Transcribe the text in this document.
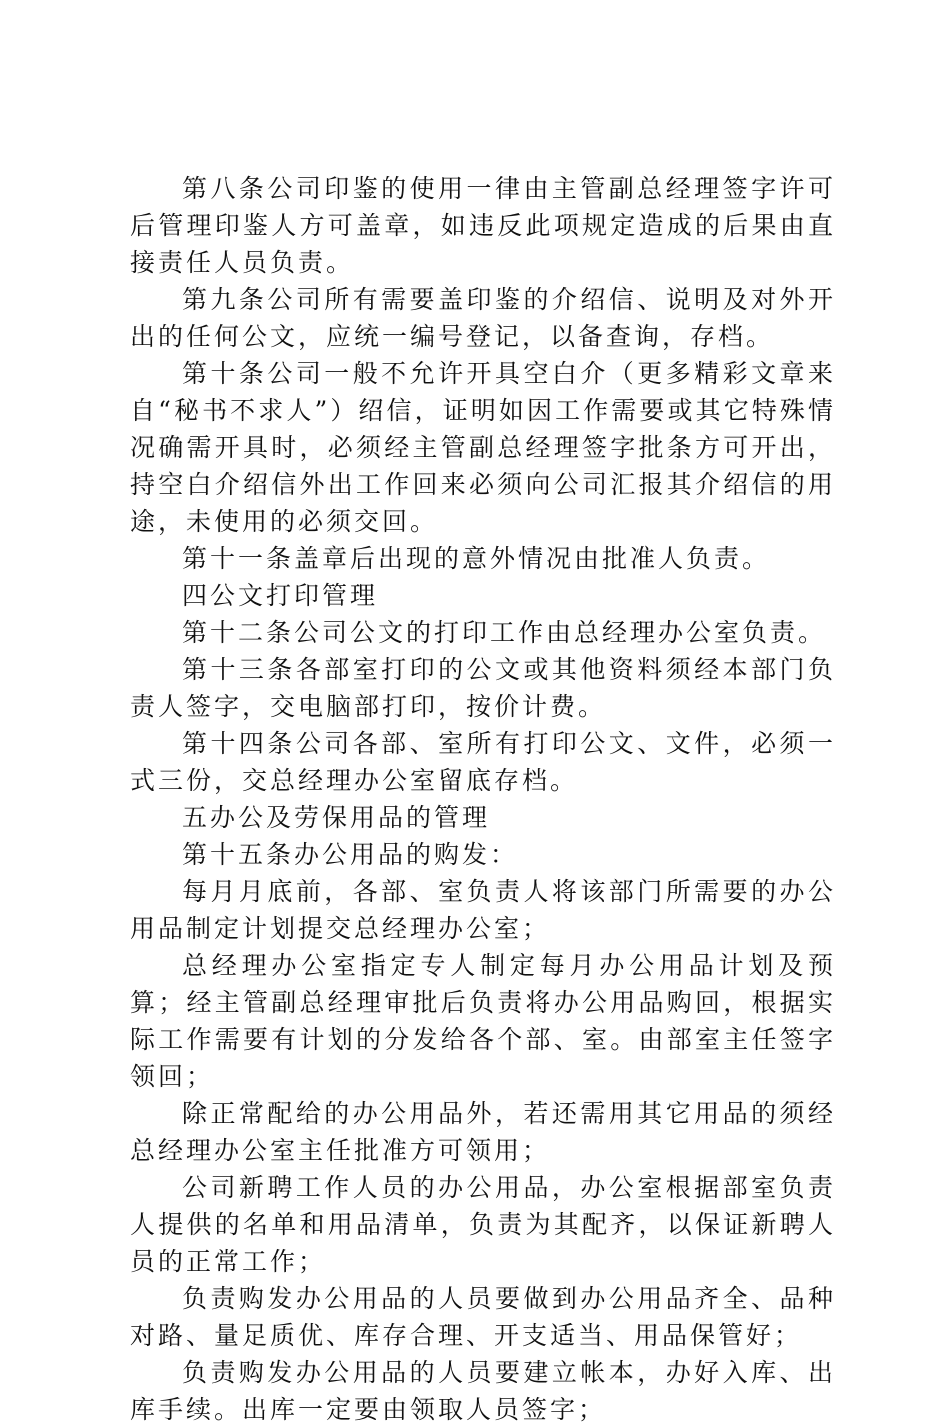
第八条公司印鉴的使用一律由主管副总经理签字许可后管理印鉴人方可盖章，如违反此项规定造成的后果由直接责任人员负责。

第九条公司所有需要盖印鉴的介绍信、说明及对外开出的任何公文，应统一编号登记，以备查询，存档。

第十条公司一般不允许开具空白介（更多精彩文章来自“秘书不求人”）绍信，证明如因工作需要或其它特殊情况确需开具时，必须经主管副总经理签字批条方可开出，持空白介绍信外出工作回来必须向公司汇报其介绍信的用途，未使用的必须交回。

第十一条盖章后出现的意外情况由批准人负责。

四公文打印管理

第十二条公司公文的打印工作由总经理办公室负责。

第十三条各部室打印的公文或其他资料须经本部门负责人签字，交电脑部打印，按价计费。

第十四条公司各部、室所有打印公文、文件，必须一式三份，交总经理办公室留底存档。

五办公及劳保用品的管理

第十五条办公用品的购发：

每月月底前，各部、室负责人将该部门所需要的办公用品制定计划提交总经理办公室；

总经理办公室指定专人制定每月办公用品计划及预算；经主管副总经理审批后负责将办公用品购回，根据实际工作需要有计划的分发给各个部、室。由部室主任签字领回；

除正常配给的办公用品外，若还需用其它用品的须经总经理办公室主任批准方可领用；

公司新聘工作人员的办公用品，办公室根据部室负责人提供的名单和用品清单，负责为其配齐，以保证新聘人员的正常工作；

负责购发办公用品的人员要做到办公用品齐全、品种对路、量足质优、库存合理、开支适当、用品保管好；

负责购发办公用品的人员要建立帐本，办好入库、出库手续。出库一定要由领取人员签字；
